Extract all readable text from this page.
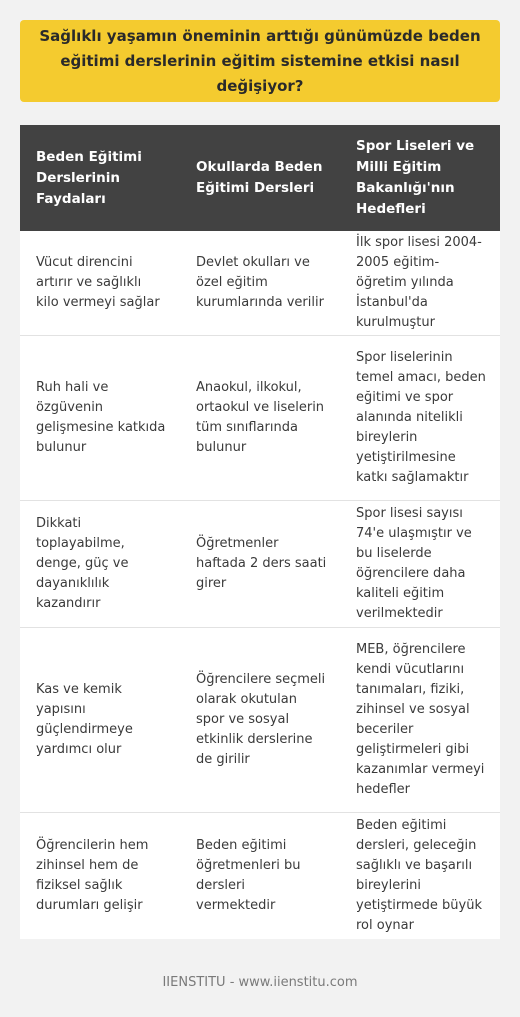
Sağlıklı yaşamın öneminin arttığı günümüzde beden eğitimi derslerinin eğitim sistemine etkisi nasıl değişiyor?
Beden Eğitimi Derslerinin Faydaları
Okullarda Beden Eğitimi Dersleri
Spor Liseleri ve Milli Eğitim Bakanlığı'nın Hedefleri
Vücut direncini artırır ve sağlıklı kilo vermeyi sağlar
Devlet okulları ve özel eğitim kurumlarında verilir
İlk spor lisesi 2004-2005 eğitim-öğretim yılında İstanbul'da kurulmuştur
Ruh hali ve özgüvenin gelişmesine katkıda bulunur
Anaokul, ilkokul, ortaokul ve liselerin tüm sınıflarında bulunur
Spor liselerinin temel amacı, beden eğitimi ve spor alanında nitelikli bireylerin yetiştirilmesine katkı sağlamaktır
Dikkati toplayabilme, denge, güç ve dayanıklılık kazandırır
Öğretmenler haftada 2 ders saati girer
Spor lisesi sayısı 74'e ulaşmıştır ve bu liselerde öğrencilere daha kaliteli eğitim verilmektedir
Kas ve kemik yapısını güçlendirmeye yardımcı olur
Öğrencilere seçmeli olarak okutulan spor ve sosyal etkinlik derslerine de girilir
MEB, öğrencilere kendi vücutlarını tanımaları, fiziki, zihinsel ve sosyal beceriler geliştirmeleri gibi kazanımlar vermeyi hedefler
Öğrencilerin hem zihinsel hem de fiziksel sağlık durumları gelişir
Beden eğitimi öğretmenleri bu dersleri vermektedir
Beden eğitimi dersleri, geleceğin sağlıklı ve başarılı bireylerini yetiştirmede büyük rol oynar
IIENSTITU - www.iienstitu.com
